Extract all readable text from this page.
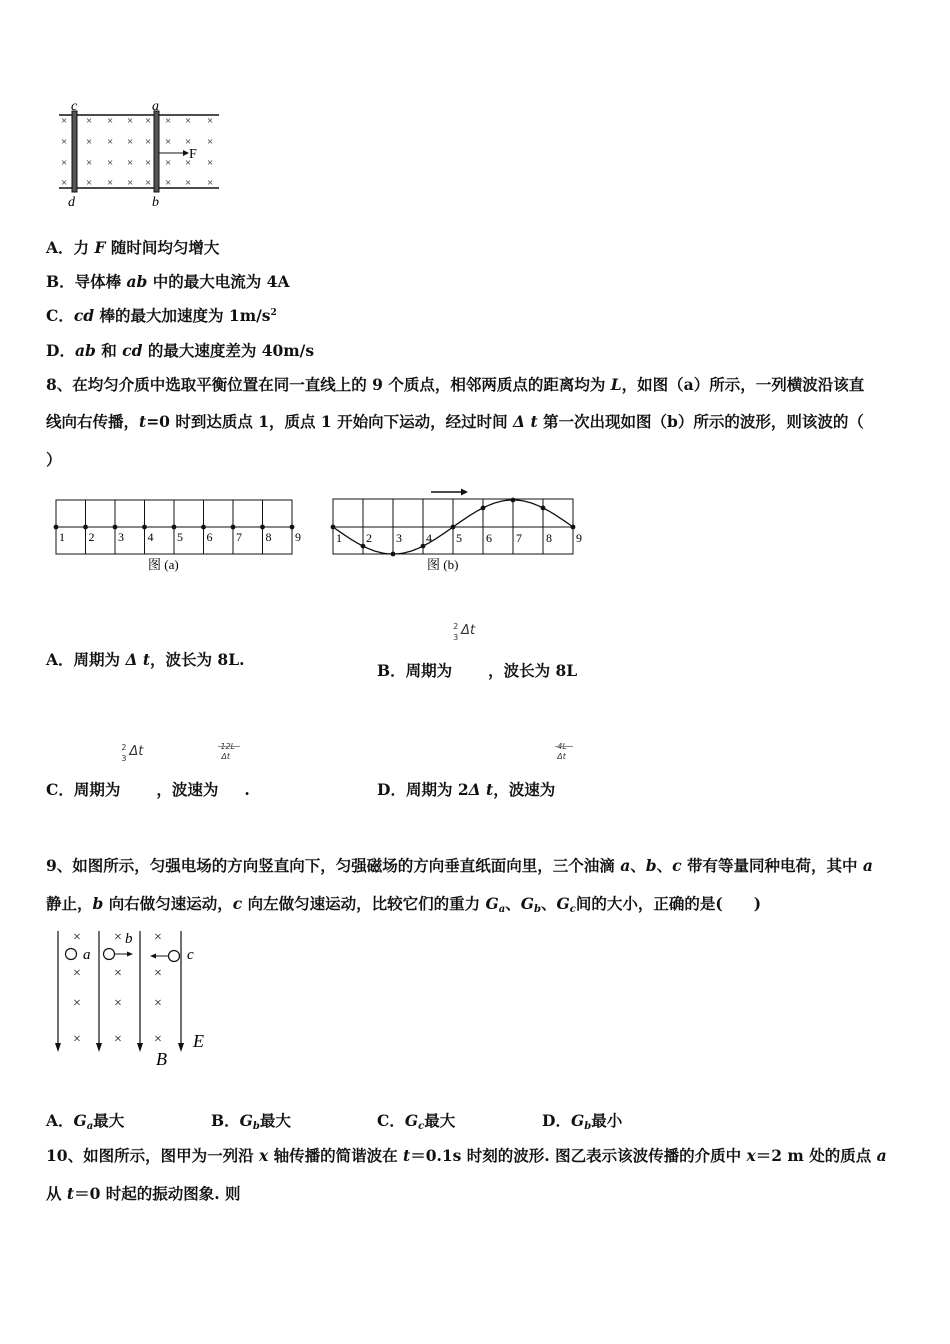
× × × × × × × ×
× × × × × × × ×
× × × × × × × ×
× × × × × × × ×
F
c	a
d	b
A．力 F 随时间均匀增大
B．导体棒 ab 中的最大电流为 4A
C．cd 棒的最大加速度为 $1m/s^2$
D．ab 和 cd 的最大速度差为 40m/s
8、在均匀介质中选取平衡位置在同一直线上的 9 个质点，相邻两质点的距离均为 L，如图（a）所示，一列横波沿该直
线向右传播，t=0 时到达质点 1，质点 1 开始向下运动，经过时间 Δ t 第一次出现如图（b）所示的波形，则该波的（
）
1 2 3 4 5 6 7 8 9
图 (a)
1 2 3 4 5 6 7 8 9
图 (b)
A．周期为 Δ t，波长为 8L.
B．周期为
2
3 Δt
，波长为 8L
C．周期为
2
3 Δt
，波速为
$\frac{12L}{\Delta t}$
.	D．周期为 2Δ t，波速为
$\frac{4L}{\Delta t}$
9、如图所示，匀强电场的方向竖直向下，匀强磁场的方向垂直纸面向里，三个油滴 a、b、c 带有等量同种电荷，其中 a
静止，b 向右做匀速运动，c 向左做匀速运动，比较它们的重力 $G_a$、$G_b$、$G_c$间的大小，正确的是(　　)
× × ×
× × ×
× × ×
× × ×
a
b
c
E
B
A．$G_a$最大	B．$G_b$最大	C．$G_c$最大	D．$G_b$最小
10、如图所示，图甲为一列沿 x 轴传播的简谐波在 t＝0.1s 时刻的波形. 图乙表示该波传播的介质中 x＝2 m 处的质点 a
从 t＝0 时起的振动图象. 则
